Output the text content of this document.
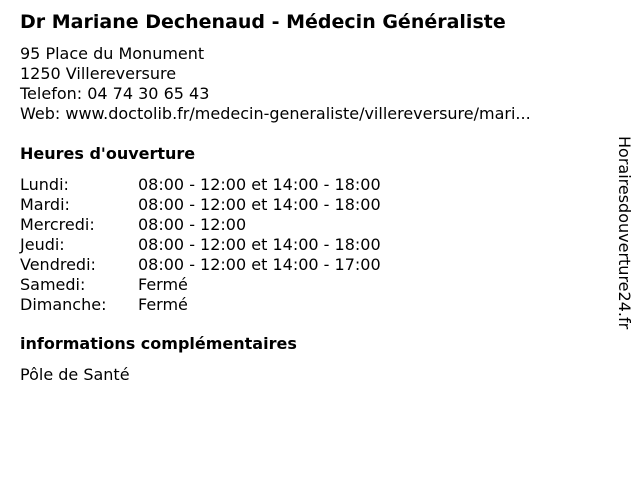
Dr Mariane Dechenaud - Médecin Généraliste
95 Place du Monument
1250 Villereversure
Telefon: 04 74 30 65 43
Web: www.doctolib.fr/medecin-generaliste/villereversure/mari...
Heures d'ouverture
Lundi:	08:00 - 12:00 et 14:00 - 18:00
Mardi:	08:00 - 12:00 et 14:00 - 18:00
Mercredi:	08:00 - 12:00
Jeudi:	08:00 - 12:00 et 14:00 - 18:00
Vendredi:	08:00 - 12:00 et 14:00 - 17:00
Samedi:	Fermé
Dimanche:	Fermé
informations complémentaires
Pôle de Santé
Horairesdouverture24.fr
